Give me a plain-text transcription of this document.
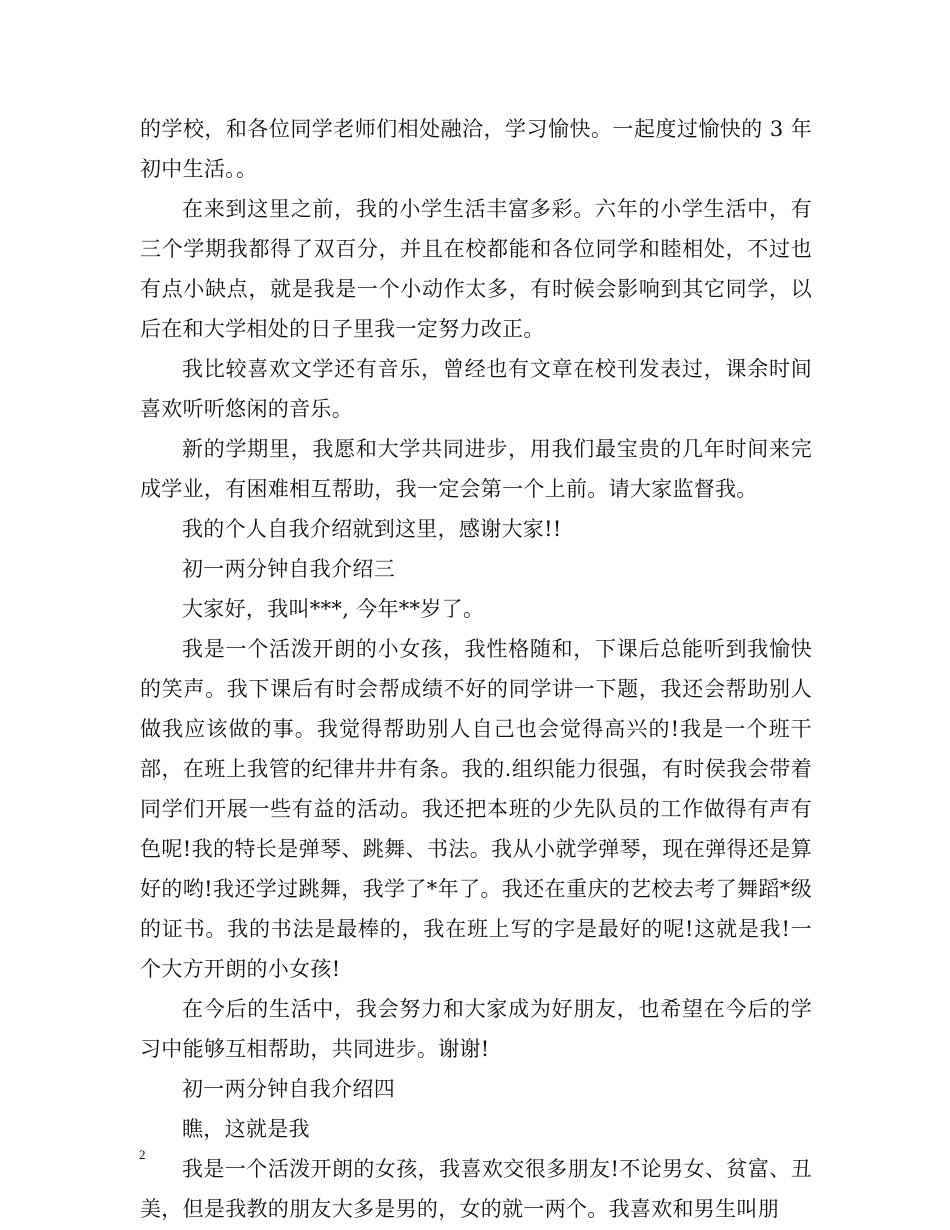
的学校，和各位同学老师们相处融洽，学习愉快。一起度过愉快的 3 年初中生活。。

在来到这里之前，我的小学生活丰富多彩。六年的小学生活中，有三个学期我都得了双百分，并且在校都能和各位同学和睦相处，不过也有点小缺点，就是我是一个小动作太多，有时候会影响到其它同学，以后在和大学相处的日子里我一定努力改正。

我比较喜欢文学还有音乐，曾经也有文章在校刊发表过，课余时间喜欢听听悠闲的音乐。

新的学期里，我愿和大学共同进步，用我们最宝贵的几年时间来完成学业，有困难相互帮助，我一定会第一个上前。请大家监督我。

我的个人自我介绍就到这里，感谢大家!!

初一两分钟自我介绍三

大家好，我叫***, 今年**岁了。

我是一个活泼开朗的小女孩，我性格随和，下课后总能听到我愉快的笑声。我下课后有时会帮成绩不好的同学讲一下题，我还会帮助别人做我应该做的事。我觉得帮助别人自己也会觉得高兴的!我是一个班干部，在班上我管的纪律井井有条。我的.组织能力很强，有时侯我会带着同学们开展一些有益的活动。我还把本班的少先队员的工作做得有声有色呢!我的特长是弹琴、跳舞、书法。我从小就学弹琴，现在弹得还是算好的哟!我还学过跳舞，我学了*年了。我还在重庆的艺校去考了舞蹈*级的证书。我的书法是最棒的，我在班上写的字是最好的呢!这就是我!一个大方开朗的小女孩!

在今后的生活中，我会努力和大家成为好朋友，也希望在今后的学习中能够互相帮助，共同进步。谢谢!

初一两分钟自我介绍四

瞧，这就是我

我是一个活泼开朗的女孩，我喜欢交很多朋友!不论男女、贫富、丑美，但是我教的朋友大多是男的，女的就一两个。我喜欢和男生叫朋

2
